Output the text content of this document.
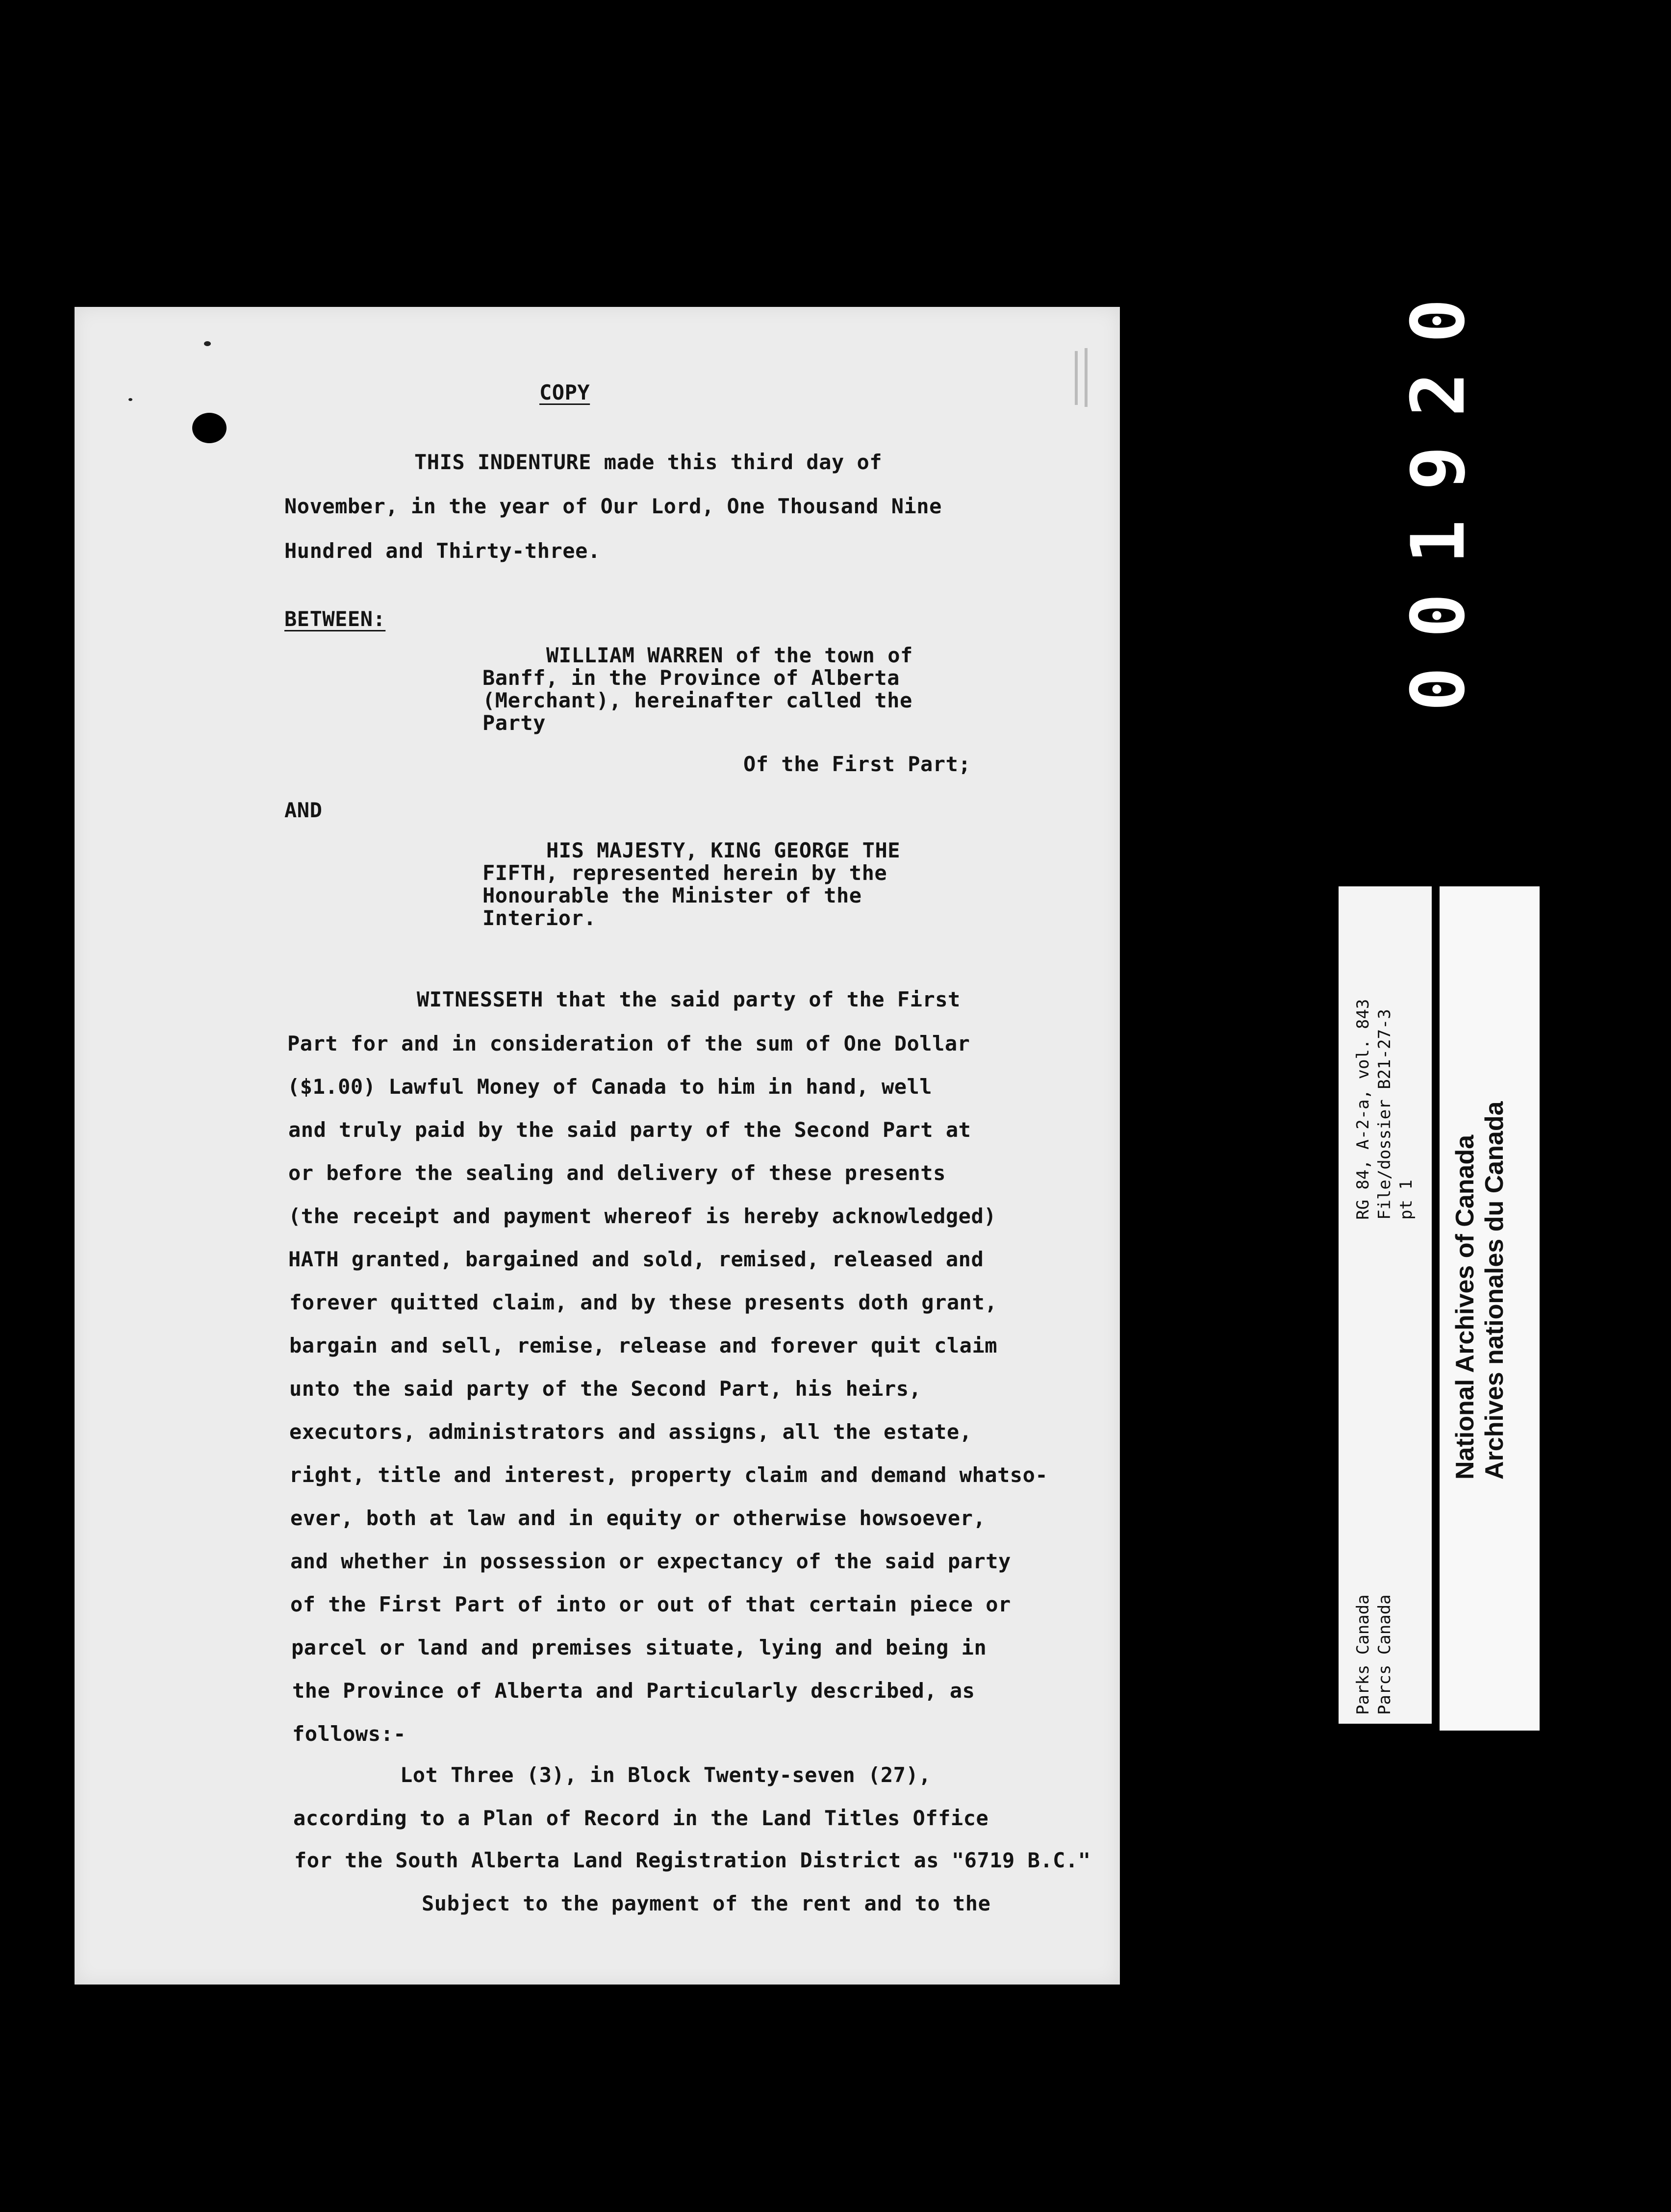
COPY
THIS INDENTURE made this third day of
November, in the year of Our Lord, One Thousand Nine
Hundred and Thirty-three.
BETWEEN:
WILLIAM WARREN of the town of
Banff, in the Province of Alberta
(Merchant), hereinafter called the
Party
Of the First Part;
AND
HIS MAJESTY, KING GEORGE THE
FIFTH, represented herein by the
Honourable the Minister of the
Interior.
WITNESSETH that the said party of the First
Part for and in consideration of the sum of One Dollar
($1.00) Lawful Money of Canada to him in hand, well
and truly paid by the said party of the Second Part at
or before the sealing and delivery of these presents
(the receipt and payment whereof is hereby acknowledged)
HATH granted, bargained and sold, remised, released and
forever quitted claim, and by these presents doth grant,
bargain and sell, remise, release and forever quit claim
unto the said party of the Second Part, his heirs,
executors, administrators and assigns, all the estate,
right, title and interest, property claim and demand whatso-
ever, both at law and in equity or otherwise howsoever,
and whether in possession or expectancy of the said party
of the First Part of into or out of that certain piece or
parcel or land and premises situate, lying and being in
the Province of Alberta and Particularly described, as
follows:-
Lot Three (3), in Block Twenty-seven (27),
according to a Plan of Record in the Land Titles Office
for the South Alberta Land Registration District as "6719 B.C."
Subject to the payment of the rent and to the
001920
Parks Canada Parcs Canada
RG 84, A-2-a, vol. 843 File/dossier B21-27-3 pt 1 National Archives of Canada Archives nationales du Canada
